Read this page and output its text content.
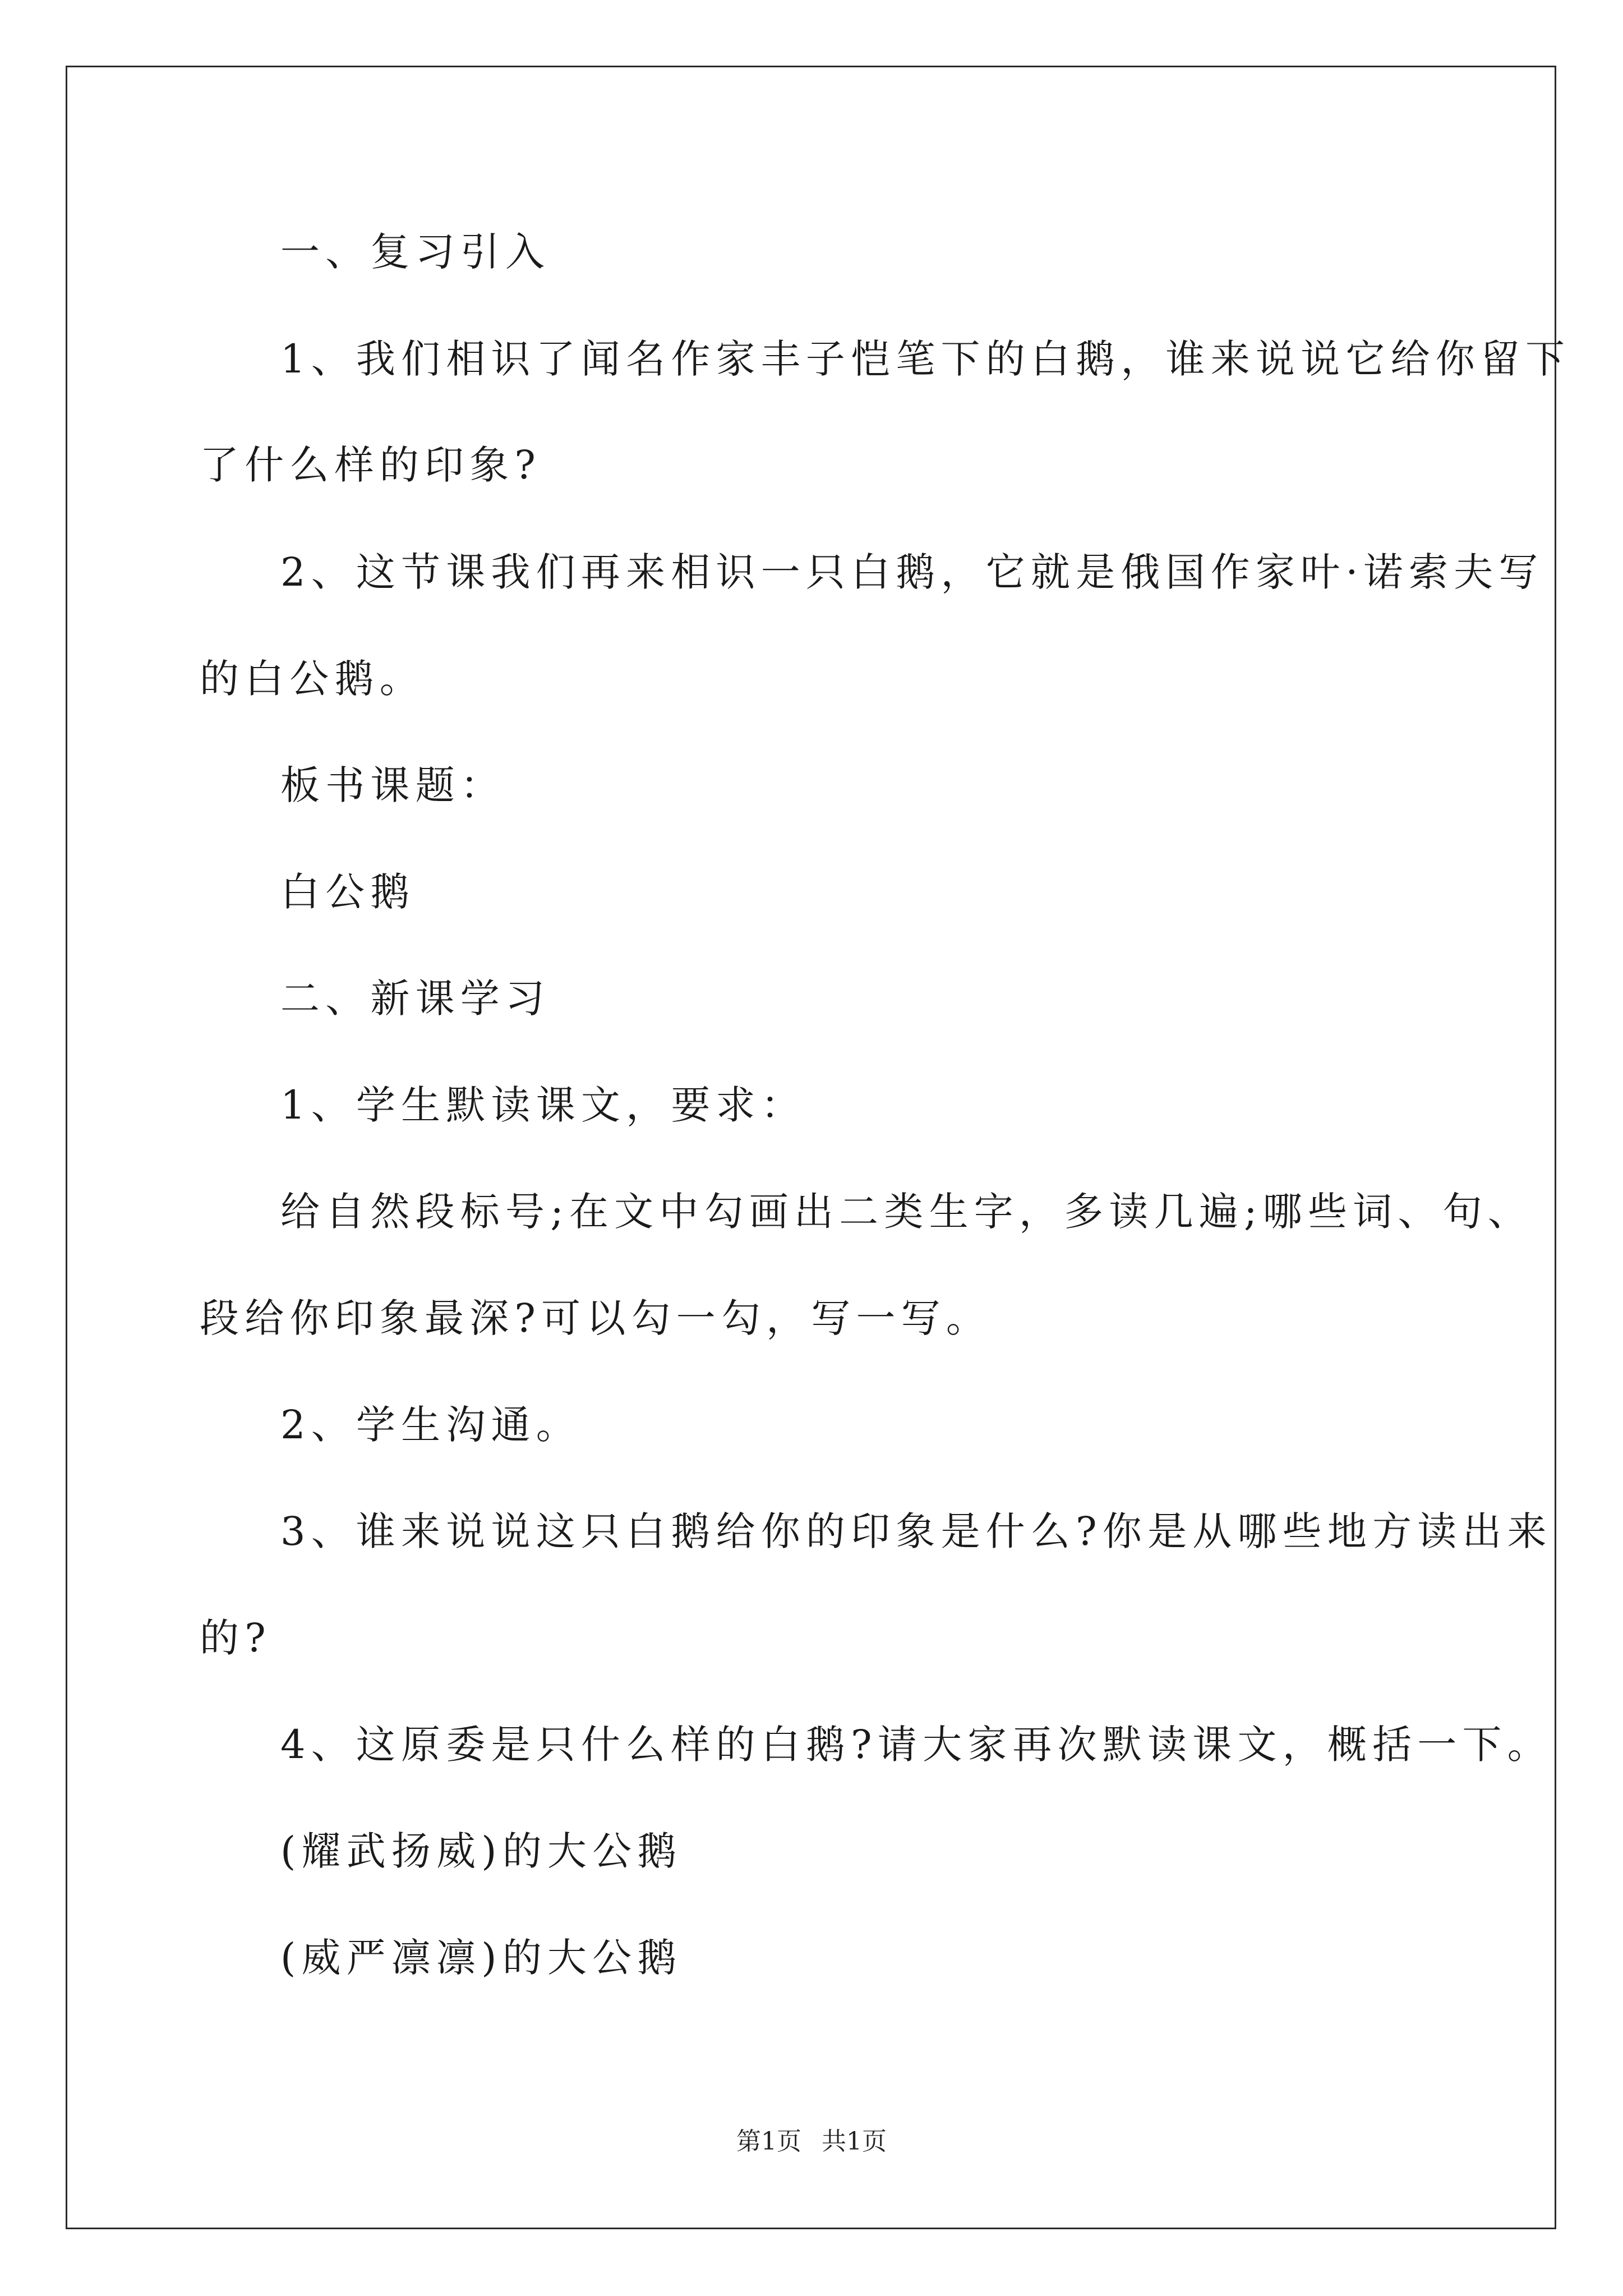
一、复习引入
1、我们相识了闻名作家丰子恺笔下的白鹅，谁来说说它给你留下
了什么样的印象?
2、这节课我们再来相识一只白鹅，它就是俄国作家叶·诺索夫写
的白公鹅。
板书课题：
白公鹅
二、新课学习
1、学生默读课文，要求：
给自然段标号;在文中勾画出二类生字，多读几遍;哪些词、句、
段给你印象最深?可以勾一勾，写一写。
2、学生沟通。
3、谁来说说这只白鹅给你的印象是什么?你是从哪些地方读出来
的?
4、这原委是只什么样的白鹅?请大家再次默读课文，概括一下。
(耀武扬威)的大公鹅
(威严凛凛)的大公鹅
第1页 共1页
